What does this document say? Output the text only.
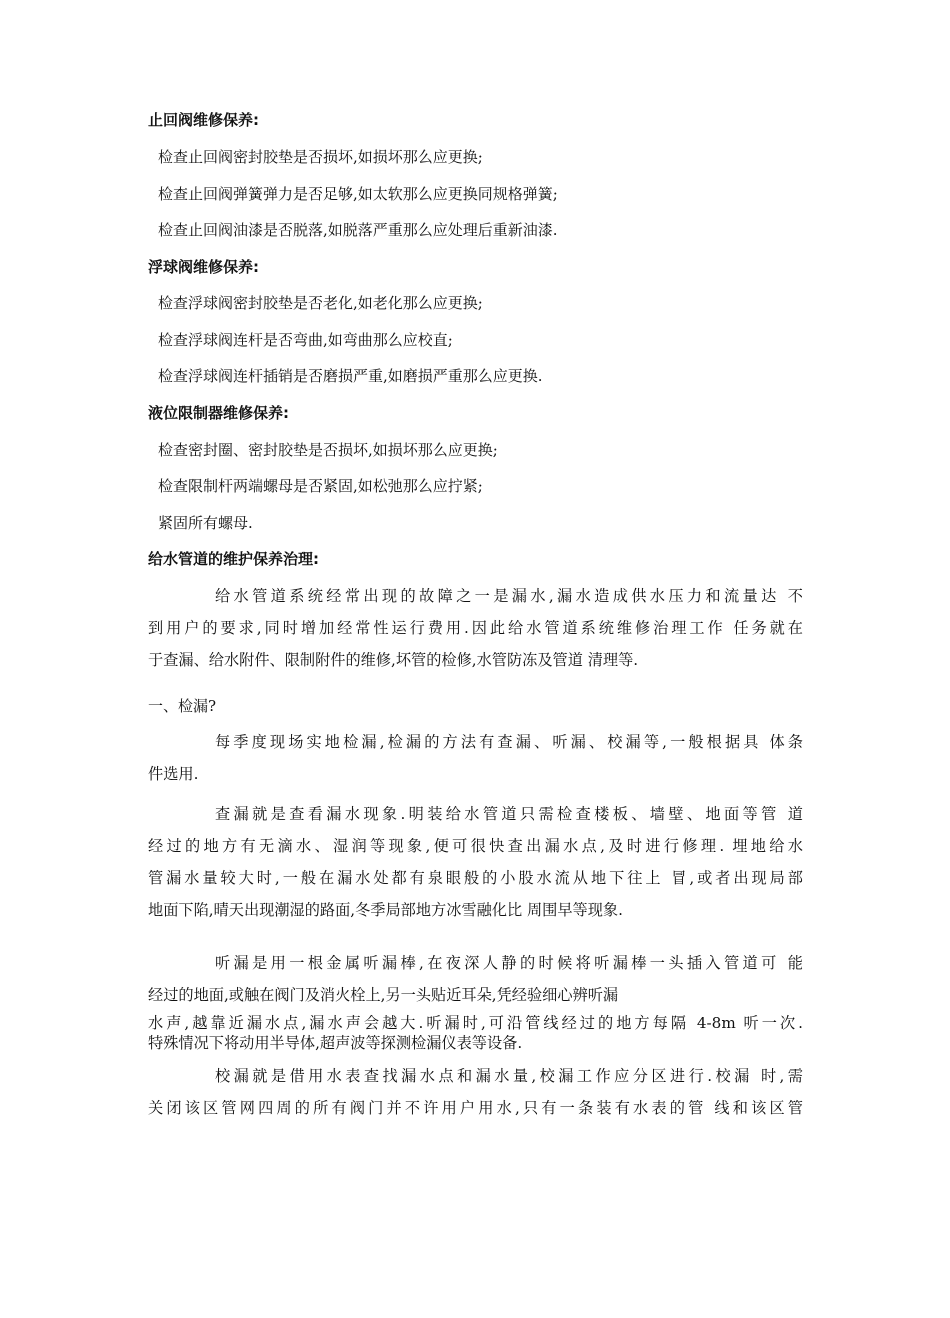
止回阀维修保养:
检查止回阀密封胶垫是否损坏,如损坏那么应更换;
检查止回阀弹簧弹力是否足够,如太软那么应更换同规格弹簧;
检查止回阀油漆是否脱落,如脱落严重那么应处理后重新油漆.
浮球阀维修保养:
检查浮球阀密封胶垫是否老化,如老化那么应更换;
检查浮球阀连杆是否弯曲,如弯曲那么应校直;
检查浮球阀连杆插销是否磨损严重,如磨损严重那么应更换.
液位限制器维修保养:
检查密封圈、密封胶垫是否损坏,如损坏那么应更换;
检查限制杆两端螺母是否紧固,如松弛那么应拧紧;
紧固所有螺母.
给水管道的维护保养治理:
给水管道系统经常出现的故障之一是漏水,漏水造成供水压力和流量达 不
到用户的要求,同时增加经常性运行费用.因此给水管道系统维修治理工作 任务就在
于查漏、给水附件、限制附件的维修,坏管的检修,水管防冻及管道 清理等.
一、检漏?
每季度现场实地检漏,检漏的方法有查漏、听漏、校漏等,一般根据具 体条
件选用.
查漏就是查看漏水现象.明装给水管道只需检查楼板、墙壁、地面等管 道
经过的地方有无滴水、湿润等现象,便可很快查出漏水点,及时进行修理. 埋地给水
管漏水量较大时,一般在漏水处都有泉眼般的小股水流从地下往上 冒,或者出现局部
地面下陷,晴天出现潮湿的路面,冬季局部地方冰雪融化比 周围早等现象.
听漏是用一根金属听漏棒,在夜深人静的时候将听漏棒一头插入管道可 能
经过的地面,或触在阀门及消火栓上,另一头贴近耳朵,凭经验细心辨听漏
水声,越靠近漏水点,漏水声会越大.听漏时,可沿管线经过的地方每隔 4-8m 听一次.
特殊情况下将动用半导体,超声波等探测检漏仪表等设备.
校漏就是借用水表查找漏水点和漏水量,校漏工作应分区进行.校漏 时,需
关闭该区管网四周的所有阀门并不许用户用水,只有一条装有水表的管 线和该区管
